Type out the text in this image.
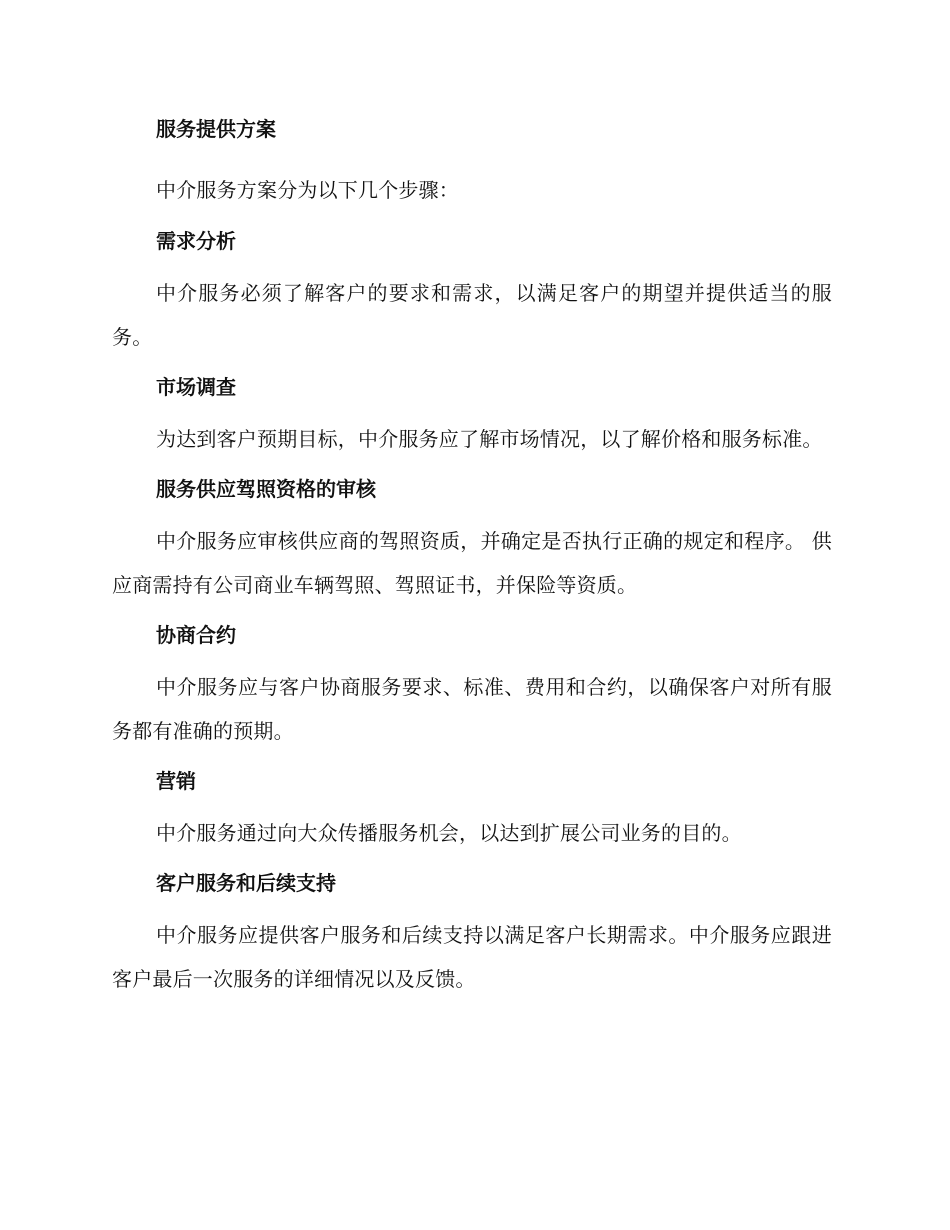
服务提供方案

中介服务方案分为以下几个步骤：

需求分析

中介服务必须了解客户的要求和需求，以满足客户的期望并提供适当的服务。

市场调查

为达到客户预期目标，中介服务应了解市场情况，以了解价格和服务标准。

服务供应驾照资格的审核

中介服务应审核供应商的驾照资质，并确定是否执行正确的规定和程序。 供应商需持有公司商业车辆驾照、驾照证书，并保险等资质。

协商合约

中介服务应与客户协商服务要求、标准、费用和合约，以确保客户对所有服务都有准确的预期。

营销

中介服务通过向大众传播服务机会，以达到扩展公司业务的目的。

客户服务和后续支持

中介服务应提供客户服务和后续支持以满足客户长期需求。中介服务应跟进客户最后一次服务的详细情况以及反馈。
